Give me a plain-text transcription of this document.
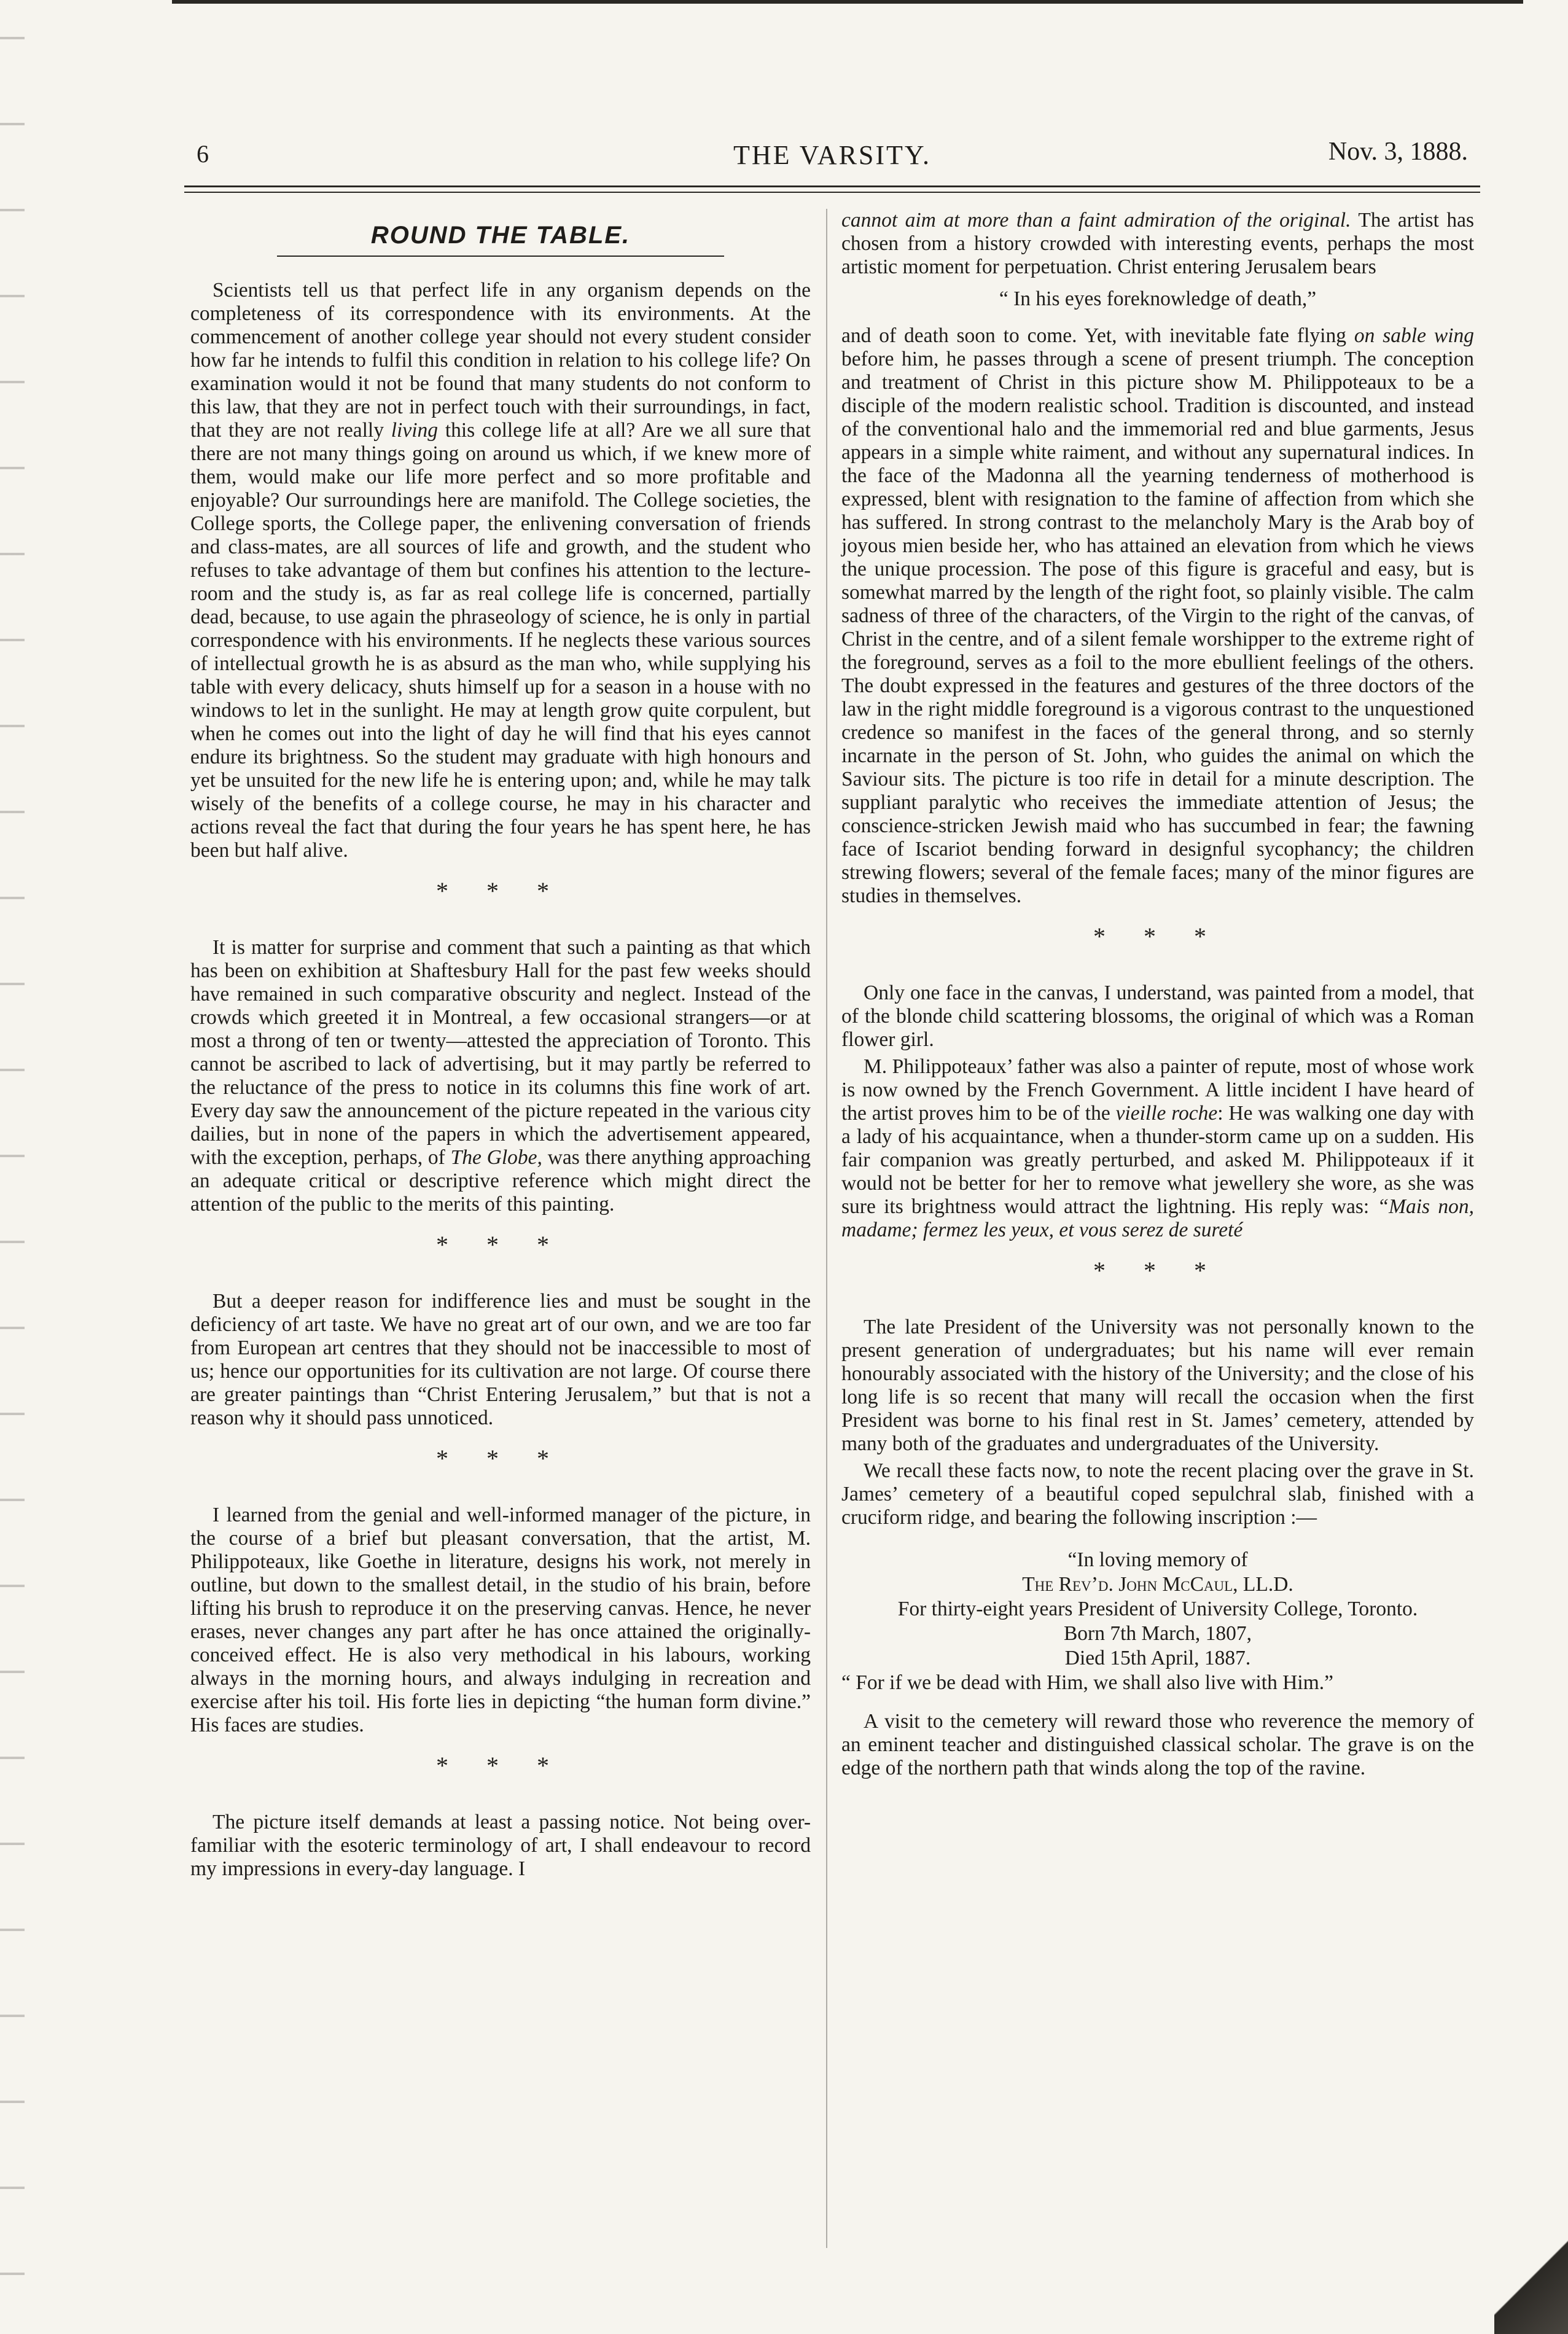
6	THE VARSITY.	Nov. 3, 1888.
ROUND THE TABLE.

Scientists tell us that perfect life in any organism depends on the completeness of its correspondence with its environments. At the commencement of another college year should not every student consider how far he intends to fulfil this condition in relation to his college life? On examination would it not be found that many students do not conform to this law, that they are not in perfect touch with their surroundings, in fact, that they are not really living this college life at all? Are we all sure that there are not many things going on around us which, if we knew more of them, would make our life more perfect and so more profitable and enjoyable? Our surroundings here are manifold. The College societies, the College sports, the College paper, the enlivening conversation of friends and class-mates, are all sources of life and growth, and the student who refuses to take advantage of them but confines his attention to the lecture-room and the study is, as far as real college life is concerned, partially dead, because, to use again the phraseology of science, he is only in partial correspondence with his environments. If he neglects these various sources of intellectual growth he is as absurd as the man who, while supplying his table with every delicacy, shuts himself up for a season in a house with no windows to let in the sunlight. He may at length grow quite corpulent, but when he comes out into the light of day he will find that his eyes cannot endure its brightness. So the student may graduate with high honours and yet be unsuited for the new life he is entering upon; and, while he may talk wisely of the benefits of a college course, he may in his character and actions reveal the fact that during the four years he has spent here, he has been but half alive.

* * *

It is matter for surprise and comment that such a painting as that which has been on exhibition at Shaftesbury Hall for the past few weeks should have remained in such comparative obscurity and neglect. Instead of the crowds which greeted it in Montreal, a few occasional strangers—or at most a throng of ten or twenty—attested the appreciation of Toronto. This cannot be ascribed to lack of advertising, but it may partly be referred to the reluctance of the press to notice in its columns this fine work of art. Every day saw the announcement of the picture repeated in the various city dailies, but in none of the papers in which the advertisement appeared, with the exception, perhaps, of The Globe, was there anything approaching an adequate critical or descriptive reference which might direct the attention of the public to the merits of this painting.

* * *

But a deeper reason for indifference lies and must be sought in the deficiency of art taste. We have no great art of our own, and we are too far from European art centres that they should not be inaccessible to most of us; hence our opportunities for its cultivation are not large. Of course there are greater paintings than “Christ Entering Jerusalem,” but that is not a reason why it should pass unnoticed.

* * *

I learned from the genial and well-informed manager of the picture, in the course of a brief but pleasant conversation, that the artist, M. Philippoteaux, like Goethe in literature, designs his work, not merely in outline, but down to the smallest detail, in the studio of his brain, before lifting his brush to reproduce it on the preserving canvas. Hence, he never erases, never changes any part after he has once attained the originally-conceived effect. He is also very methodical in his labours, working always in the morning hours, and always indulging in recreation and exercise after his toil. His forte lies in depicting “the human form divine.” His faces are studies.

* * *

The picture itself demands at least a passing notice. Not being over-familiar with the esoteric terminology of art, I shall endeavour to record my impressions in every-day language. I

cannot aim at more than a faint admiration of the original. The artist has chosen from a history crowded with interesting events, perhaps the most artistic moment for perpetuation. Christ entering Jerusalem bears

“ In his eyes foreknowledge of death,”

and of death soon to come. Yet, with inevitable fate flying on sable wing before him, he passes through a scene of present triumph. The conception and treatment of Christ in this picture show M. Philippoteaux to be a disciple of the modern realistic school. Tradition is discounted, and instead of the conventional halo and the immemorial red and blue garments, Jesus appears in a simple white raiment, and without any supernatural indices. In the face of the Madonna all the yearning tenderness of motherhood is expressed, blent with resignation to the famine of affection from which she has suffered. In strong contrast to the melancholy Mary is the Arab boy of joyous mien beside her, who has attained an elevation from which he views the unique procession. The pose of this figure is graceful and easy, but is somewhat marred by the length of the right foot, so plainly visible. The calm sadness of three of the characters, of the Virgin to the right of the canvas, of Christ in the centre, and of a silent female worshipper to the extreme right of the foreground, serves as a foil to the more ebullient feelings of the others. The doubt expressed in the features and gestures of the three doctors of the law in the right middle foreground is a vigorous contrast to the unquestioned credence so manifest in the faces of the general throng, and so sternly incarnate in the person of St. John, who guides the animal on which the Saviour sits. The picture is too rife in detail for a minute description. The suppliant paralytic who receives the immediate attention of Jesus; the conscience-stricken Jewish maid who has succumbed in fear; the fawning face of Iscariot bending forward in designful sycophancy; the children strewing flowers; several of the female faces; many of the minor figures are studies in themselves.

* * *

Only one face in the canvas, I understand, was painted from a model, that of the blonde child scattering blossoms, the original of which was a Roman flower girl.

M. Philippoteaux’ father was also a painter of repute, most of whose work is now owned by the French Government. A little incident I have heard of the artist proves him to be of the vieille roche: He was walking one day with a lady of his acquaintance, when a thunder-storm came up on a sudden. His fair companion was greatly perturbed, and asked M. Philippoteaux if it would not be better for her to remove what jewellery she wore, as she was sure its brightness would attract the lightning. His reply was: “Mais non, madame; fermez les yeux, et vous serez de sureté

* * *

The late President of the University was not personally known to the present generation of undergraduates; but his name will ever remain honourably associated with the history of the University; and the close of his long life is so recent that many will recall the occasion when the first President was borne to his final rest in St. James’ cemetery, attended by many both of the graduates and undergraduates of the University.

We recall these facts now, to note the recent placing over the grave in St. James’ cemetery of a beautiful coped sepulchral slab, finished with a cruciform ridge, and bearing the following inscription :—

“In loving memory of
The Rev’d. John McCaul, LL.D.
For thirty-eight years President of University College, Toronto.
Born 7th March, 1807,
Died 15th April, 1887.
“ For if we be dead with Him, we shall also live with Him.”

A visit to the cemetery will reward those who reverence the memory of an eminent teacher and distinguished classical scholar. The grave is on the edge of the northern path that winds along the top of the ravine.
